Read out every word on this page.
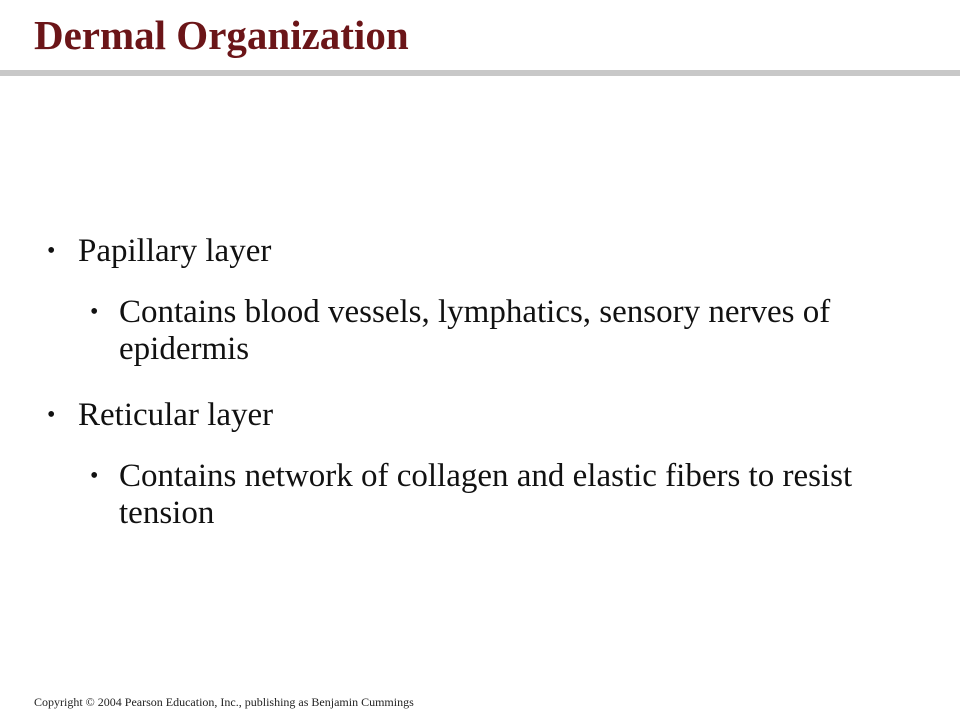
Dermal Organization
• Papillary layer
• Contains blood vessels, lymphatics, sensory nerves of epidermis
• Reticular layer
• Contains network of collagen and elastic fibers to resist tension

Copyright © 2004 Pearson Education, Inc., publishing as Benjamin Cummings
